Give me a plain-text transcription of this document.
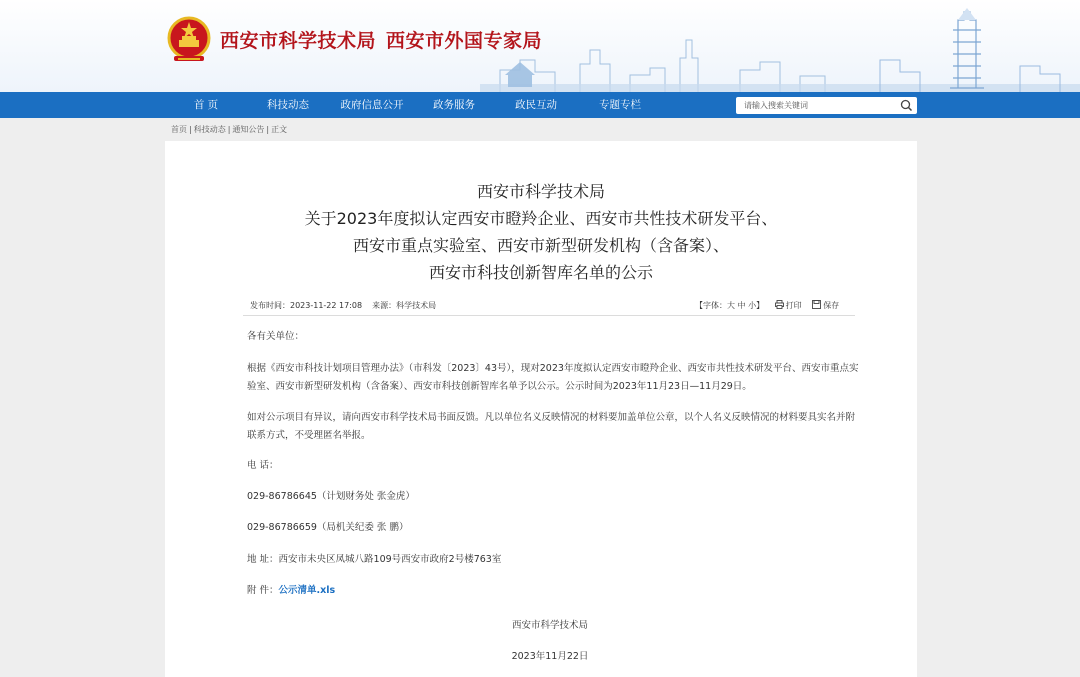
西安市科学技术局 西安市外国专家局
首 页	科技动态	政府信息公开	政务服务	政民互动	专题专栏
请输入搜索关键词
首页 | 科技动态 | 通知公告 | 正文
西安市科学技术局
关于2023年度拟认定西安市瞪羚企业、西安市共性技术研发平台、
西安市重点实验室、西安市新型研发机构（含备案）、
西安市科技创新智库名单的公示
发布时间：2023-11-22 17:08 来源：科学技术局	【字体：大 中 小】	打印	保存
各有关单位：
根据《西安市科技计划项目管理办法》（市科发〔2023〕43号），现对2023年度拟认定西安市瞪羚企业、西安市共性技术研发平台、西安市重点实验室、西安市新型研发机构（含备案）、西安市科技创新智库名单予以公示。公示时间为2023年11月23日—11月29日。
如对公示项目有异议，请向西安市科学技术局书面反馈。凡以单位名义反映情况的材料要加盖单位公章，以个人名义反映情况的材料要具实名并附联系方式，不受理匿名举报。
电 话：
029-86786645（计划财务处 张金虎）
029-86786659（局机关纪委 张 鹏）
地 址：西安市未央区凤城八路109号西安市政府2号楼763室
附 件：公示清单.xls
西安市科学技术局
2023年11月22日
